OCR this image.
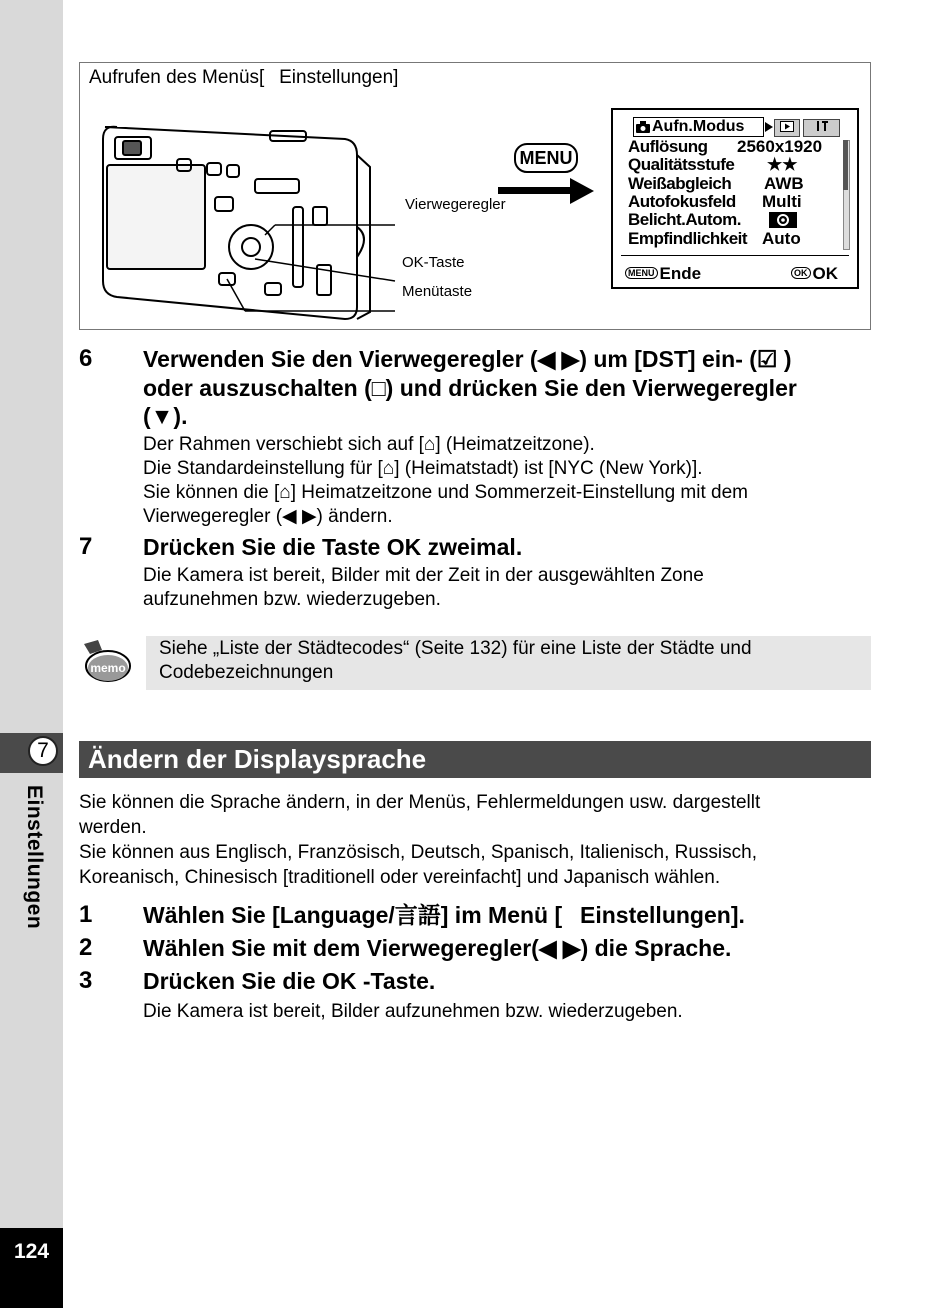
7
Einstellungen
124
Aufrufen des Menüs[  Einstellungen]
Vierwegeregler
OK-Taste
Menütaste
MENU
Aufn.Modus
Auflösung 2560x1920
Qualitätsstufe ★★
Weißabgleich AWB
Autofokusfeld Multi
Belicht.Autom.
Empfindlichkeit Auto
MENU Ende	OK OK
6 Verwenden Sie den Vierwegeregler (◀ ▶) um [DST] ein- (☑ )
oder auszuschalten (□) und drücken Sie den Vierwegeregler
(▼).
Der Rahmen verschiebt sich auf [⌂] (Heimatzeitzone).
Die Standardeinstellung für [⌂] (Heimatstadt) ist [NYC (New York)].
Sie können die [⌂] Heimatzeitzone und Sommerzeit-Einstellung mit dem
Vierwegeregler (◀ ▶) ändern.
7 Drücken Sie die Taste OK zweimal.
Die Kamera ist bereit, Bilder mit der Zeit in der ausgewählten Zone
aufzunehmen bzw. wiederzugeben.
memo
Siehe „Liste der Städtecodes“ (Seite 132) für eine Liste der Städte und
Codebezeichnungen
Ändern der Displaysprache
Sie können die Sprache ändern, in der Menüs, Fehlermeldungen usw. dargestellt
werden.
Sie können aus Englisch, Französisch, Deutsch, Spanisch, Italienisch, Russisch,
Koreanisch, Chinesisch [traditionell oder vereinfacht] und Japanisch wählen.
1 Wählen Sie [Language/言語] im Menü [  Einstellungen].
2 Wählen Sie mit dem Vierwegeregler(◀ ▶) die Sprache.
3 Drücken Sie die OK -Taste.
Die Kamera ist bereit, Bilder aufzunehmen bzw. wiederzugeben.
